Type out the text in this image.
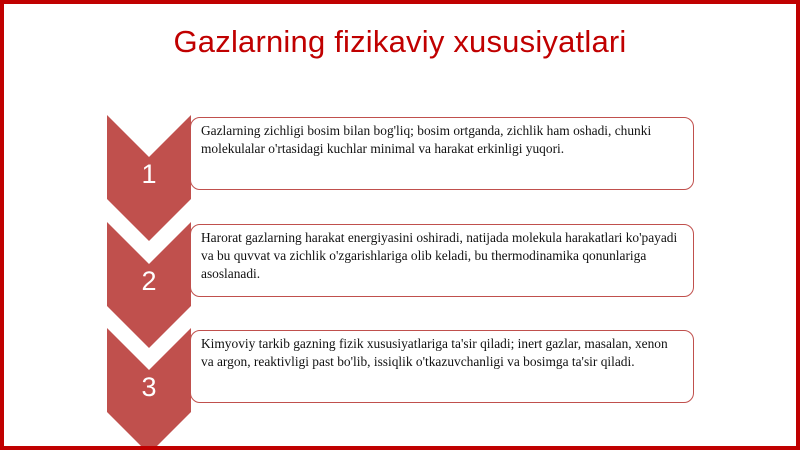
Gazlarning fizikaviy xususiyatlari
1
Gazlarning zichligi bosim bilan bog'liq; bosim ortganda, zichlik ham oshadi, chunki molekulalar o'rtasidagi kuchlar minimal va harakat erkinligi yuqori.
2
Harorat gazlarning harakat energiyasini oshiradi, natijada molekula harakatlari ko'payadi va bu quvvat va zichlik o'zgarishlariga olib keladi, bu thermodinamika qonunlariga asoslanadi.
3
Kimyoviy tarkib gazning fizik xususiyatlariga ta'sir qiladi; inert gazlar, masalan, xenon va argon, reaktivligi past bo'lib, issiqlik o'tkazuvchanligi va bosimga ta'sir qiladi.
